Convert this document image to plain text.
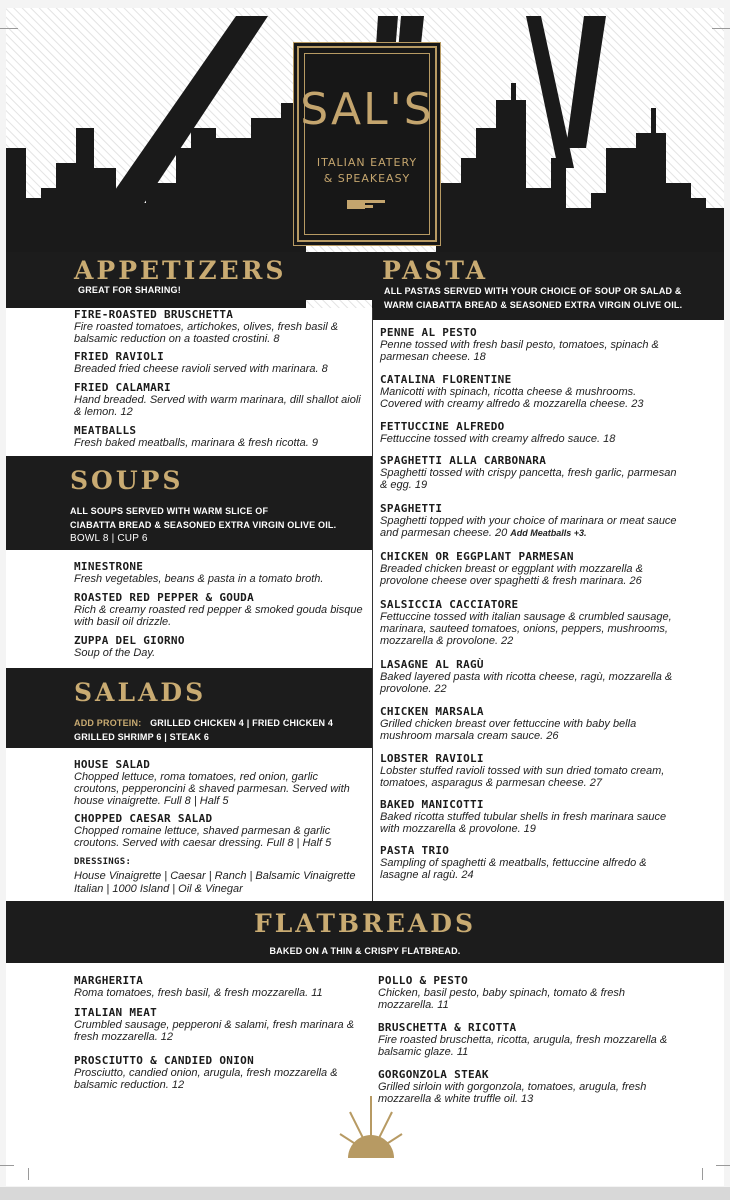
SAL'S
ITALIAN EATERY
& SPEAKEASY
APPETIZERS
GREAT FOR SHARING!
PASTA
ALL PASTAS SERVED WITH YOUR CHOICE OF SOUP OR SALAD &
WARM CIABATTA BREAD & SEASONED EXTRA VIRGIN OLIVE OIL.
FIRE-ROASTED BRUSCHETTA
Fire roasted tomatoes, artichokes, olives, fresh basil & balsamic reduction on a toasted crostini. 8
FRIED RAVIOLI
Breaded fried cheese ravioli served with marinara. 8
FRIED CALAMARI
Hand breaded. Served with warm marinara, dill shallot aioli & lemon. 12
MEATBALLS
Fresh baked meatballs, marinara & fresh ricotta. 9
SOUPS
ALL SOUPS SERVED WITH WARM SLICE OF
CIABATTA BREAD & SEASONED EXTRA VIRGIN OLIVE OIL.
BOWL 8 | CUP 6
MINESTRONE
Fresh vegetables, beans & pasta in a tomato broth.
ROASTED RED PEPPER & GOUDA
Rich & creamy roasted red pepper & smoked gouda bisque with basil oil drizzle.
ZUPPA DEL GIORNO
Soup of the Day.
SALADS
ADD PROTEIN: GRILLED CHICKEN 4 | FRIED CHICKEN 4
GRILLED SHRIMP 6 | STEAK 6
HOUSE SALAD
Chopped lettuce, roma tomatoes, red onion, garlic croutons, pepperoncini & shaved parmesan. Served with house vinaigrette. Full 8 | Half 5
CHOPPED CAESAR SALAD
Chopped romaine lettuce, shaved parmesan & garlic croutons. Served with caesar dressing. Full 8 | Half 5
DRESSINGS:
House Vinaigrette | Caesar | Ranch | Balsamic Vinaigrette
Italian | 1000 Island | Oil & Vinegar
PENNE AL PESTO
Penne tossed with fresh basil pesto, tomatoes, spinach & parmesan cheese. 18
CATALINA FLORENTINE
Manicotti with spinach, ricotta cheese & mushrooms. Covered with creamy alfredo & mozzarella cheese. 23
FETTUCCINE ALFREDO
Fettuccine tossed with creamy alfredo sauce. 18
SPAGHETTI ALLA CARBONARA
Spaghetti tossed with crispy pancetta, fresh garlic, parmesan & egg. 19
SPAGHETTI
Spaghetti topped with your choice of marinara or meat sauce and parmesan cheese. 20 Add Meatballs +3.
CHICKEN OR EGGPLANT PARMESAN
Breaded chicken breast or eggplant with mozzarella & provolone cheese over spaghetti & fresh marinara. 26
SALSICCIA CACCIATORE
Fettuccine tossed with italian sausage & crumbled sausage, marinara, sauteed tomatoes, onions, peppers, mushrooms, mozzarella & provolone. 22
LASAGNE AL RAGÙ
Baked layered pasta with ricotta cheese, ragù, mozzarella & provolone. 22
CHICKEN MARSALA
Grilled chicken breast over fettuccine with baby bella mushroom marsala cream sauce. 26
LOBSTER RAVIOLI
Lobster stuffed ravioli tossed with sun dried tomato cream, tomatoes, asparagus & parmesan cheese. 27
BAKED MANICOTTI
Baked ricotta stuffed tubular shells in fresh marinara sauce with mozzarella & provolone. 19
PASTA TRIO
Sampling of spaghetti & meatballs, fettuccine alfredo & lasagne al ragù. 24
FLATBREADS
BAKED ON A THIN & CRISPY FLATBREAD.
MARGHERITA
Roma tomatoes, fresh basil, & fresh mozzarella. 11
ITALIAN MEAT
Crumbled sausage, pepperoni & salami, fresh marinara & fresh mozzarella. 12
PROSCIUTTO & CANDIED ONION
Prosciutto, candied onion, arugula, fresh mozzarella & balsamic reduction. 12
POLLO & PESTO
Chicken, basil pesto, baby spinach, tomato & fresh mozzarella. 11
BRUSCHETTA & RICOTTA
Fire roasted bruschetta, ricotta, arugula, fresh mozzarella & balsamic glaze. 11
GORGONZOLA STEAK
Grilled sirloin with gorgonzola, tomatoes, arugula, fresh mozzarella & white truffle oil. 13
